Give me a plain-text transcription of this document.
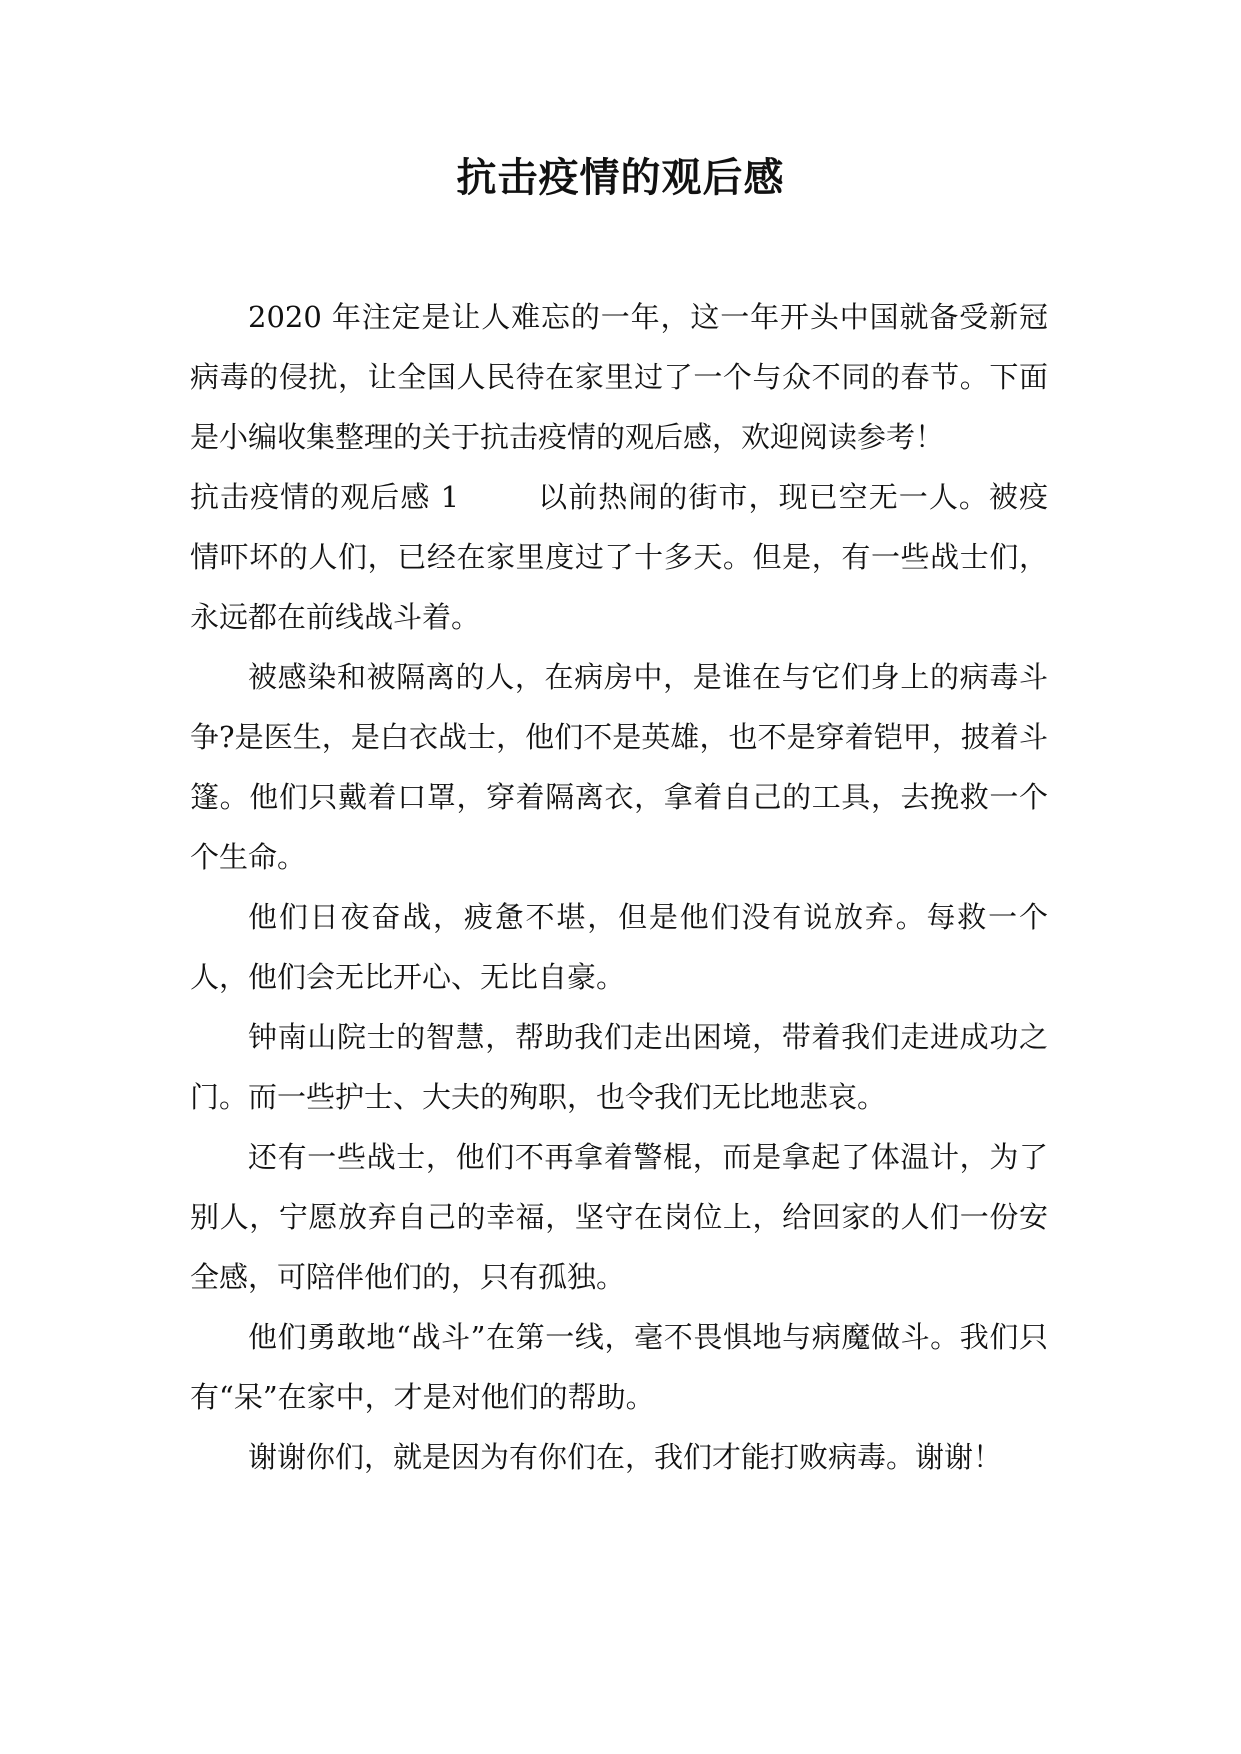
抗击疫情的观后感

2020 年注定是让人难忘的一年，这一年开头中国就备受新冠病毒的侵扰，让全国人民待在家里过了一个与众不同的春节。下面是小编收集整理的关于抗击疫情的观后感，欢迎阅读参考！

抗击疫情的观后感 1	以前热闹的街市，现已空无一人。被疫情吓坏的人们，已经在家里度过了十多天。但是，有一些战士们，永远都在前线战斗着。

被感染和被隔离的人，在病房中，是谁在与它们身上的病毒斗争?是医生，是白衣战士，他们不是英雄，也不是穿着铠甲，披着斗篷。他们只戴着口罩，穿着隔离衣，拿着自己的工具，去挽救一个个生命。

他们日夜奋战，疲惫不堪，但是他们没有说放弃。每救一个人，他们会无比开心、无比自豪。

钟南山院士的智慧，帮助我们走出困境，带着我们走进成功之门。而一些护士、大夫的殉职，也令我们无比地悲哀。

还有一些战士，他们不再拿着警棍，而是拿起了体温计，为了别人，宁愿放弃自己的幸福，坚守在岗位上，给回家的人们一份安全感，可陪伴他们的，只有孤独。

他们勇敢地“战斗”在第一线，毫不畏惧地与病魔做斗。我们只有“呆”在家中，才是对他们的帮助。

谢谢你们，就是因为有你们在，我们才能打败病毒。谢谢！
